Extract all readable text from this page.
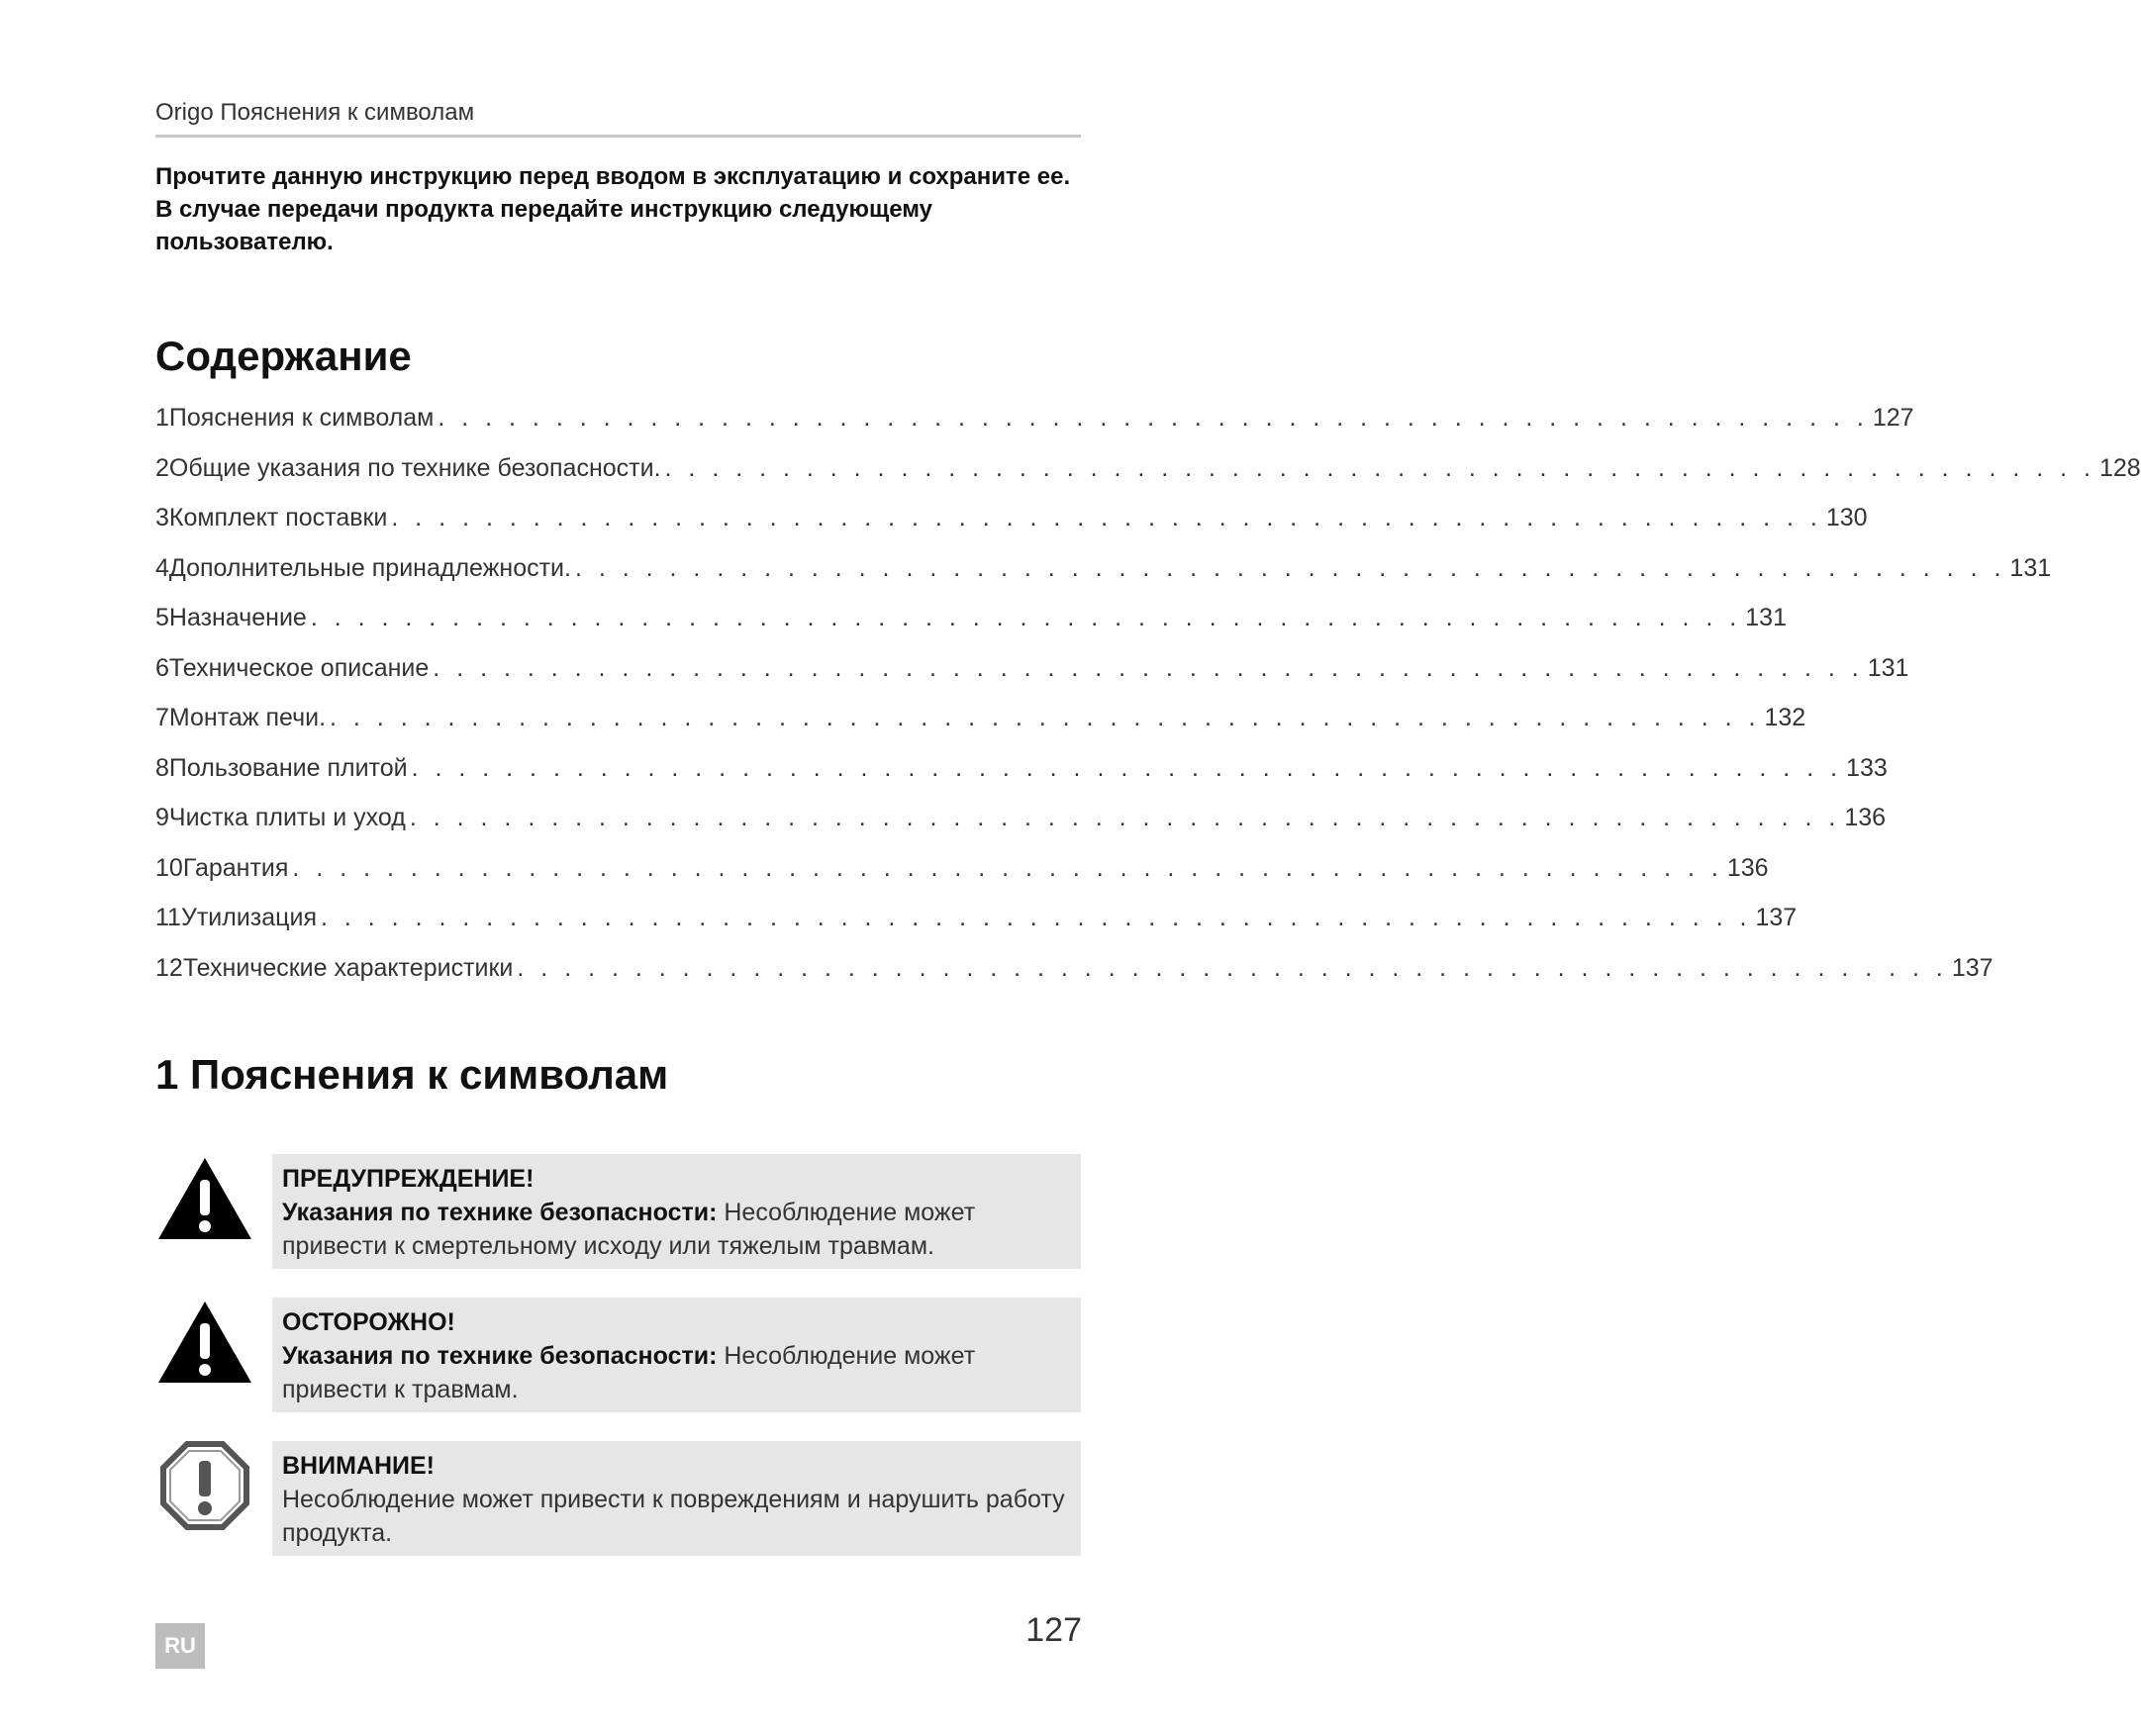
Origo Пояснения к символам
Прочтите данную инструкцию перед вводом в эксплуатацию и сохраните ее. В случае передачи продукта передайте инструкцию следующему пользователю.
Содержание
1 Пояснения к символам . . . . . . . . . . . . . . . . . . . . . . . . . . . . . . . . . . . . . . . . . . . . . . . . . . . . . . . . . . . . . 127
2 Общие указания по технике безопасности. . . . . . . . . . . . . . . . . . . . . . . . . . . . . . . . . . . . . . . . . . . . . . . . . . . . . . . . . . . . . . 128
3 Комплект поставки . . . . . . . . . . . . . . . . . . . . . . . . . . . . . . . . . . . . . . . . . . . . . . . . . . . . . . . . . . . . . 130
4 Дополнительные принадлежности. . . . . . . . . . . . . . . . . . . . . . . . . . . . . . . . . . . . . . . . . . . . . . . . . . . . . . . . . . . . . . 131
5 Назначение . . . . . . . . . . . . . . . . . . . . . . . . . . . . . . . . . . . . . . . . . . . . . . . . . . . . . . . . . . . . . 131
6 Техническое описание . . . . . . . . . . . . . . . . . . . . . . . . . . . . . . . . . . . . . . . . . . . . . . . . . . . . . . . . . . . . . 131
7 Монтаж печи. . . . . . . . . . . . . . . . . . . . . . . . . . . . . . . . . . . . . . . . . . . . . . . . . . . . . . . . . . . . . . 132
8 Пользование плитой . . . . . . . . . . . . . . . . . . . . . . . . . . . . . . . . . . . . . . . . . . . . . . . . . . . . . . . . . . . . . 133
9 Чистка плиты и уход . . . . . . . . . . . . . . . . . . . . . . . . . . . . . . . . . . . . . . . . . . . . . . . . . . . . . . . . . . . . . 136
10 Гарантия . . . . . . . . . . . . . . . . . . . . . . . . . . . . . . . . . . . . . . . . . . . . . . . . . . . . . . . . . . . . . 136
11 Утилизация . . . . . . . . . . . . . . . . . . . . . . . . . . . . . . . . . . . . . . . . . . . . . . . . . . . . . . . . . . . . . 137
12 Технические характеристики . . . . . . . . . . . . . . . . . . . . . . . . . . . . . . . . . . . . . . . . . . . . . . . . . . . . . . . . . . . . . 137
1 Пояснения к символам
ПРЕДУПРЕЖДЕНИЕ!
Указания по технике безопасности: Несоблюдение может привести к смертельному исходу или тяжелым травмам.
ОСТОРОЖНО!
Указания по технике безопасности: Несоблюдение может привести к травмам.
ВНИМАНИЕ!
Несоблюдение может привести к повреждениям и нарушить работу продукта.
RU	127
